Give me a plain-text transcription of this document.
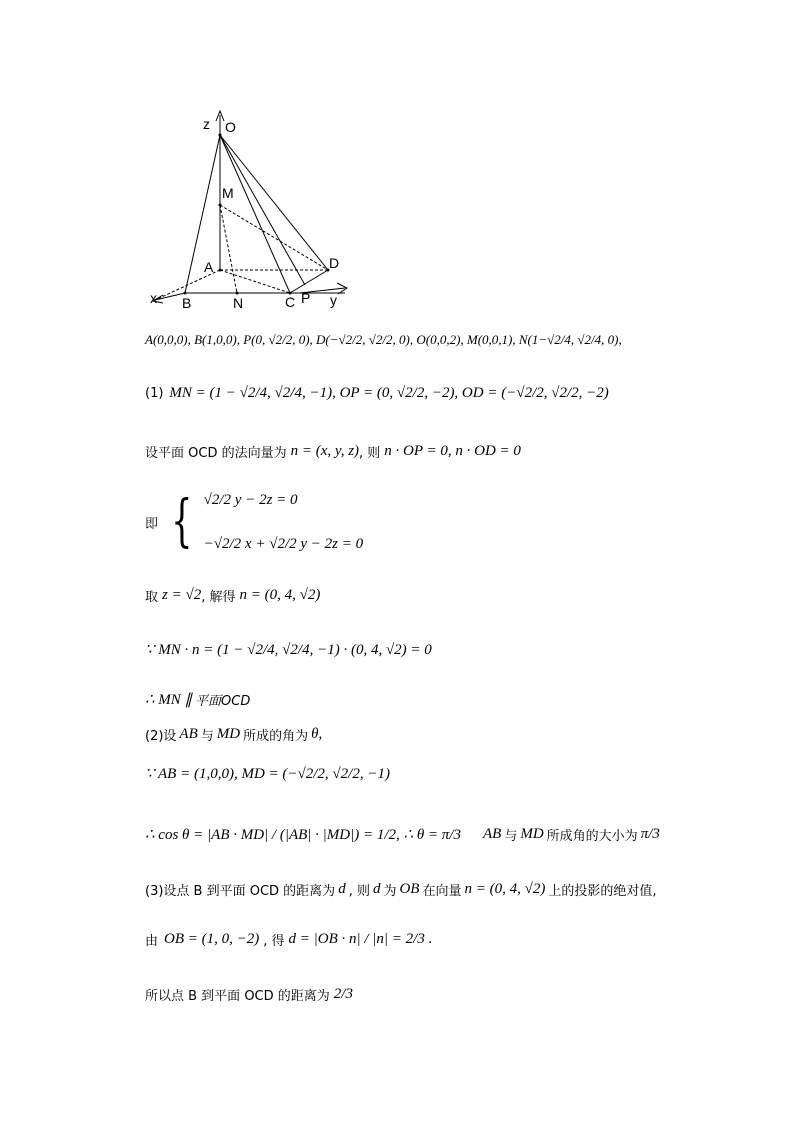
z O
M
A	D
x B	N	C P y
A(0,0,0), B(1,0,0), P(0, √2/2, 0), D(−√2/2, √2/2, 0), O(0,0,2), M(0,0,1), N(1−√2/4, √2/4, 0),
(1) MN = (1 − √2/4, √2/4, −1), OP = (0, √2/2, −2), OD = (−√2/2, √2/2, −2)
设平面 OCD 的法向量为 n = (x, y, z) , 则 n · OP = 0, n · OD = 0
即 { √2/2 y − 2z = 0
−√2/2 x + √2/2 y − 2z = 0
取 z = √2 , 解得 n = (0, 4, √2)
∵ MN · n = (1 − √2/4, √2/4, −1) · (0, 4, √2) = 0
∴ MN ∥ 平面OCD
(2)设 AB 与 MD 所成的角为 θ,
∵ AB = (1,0,0), MD = (−√2/2, √2/2, −1)
∴ cos θ = |AB · MD| / (|AB| · |MD|) = 1/2, ∴ θ = π/3 AB 与 MD 所成角的大小为 π/3
(3)设点 B 到平面 OCD 的距离为 d , 则 d 为 OB 在向量 n = (0, 4, √2) 上的投影的绝对值,
由 OB = (1, 0, −2) , 得 d = |OB · n| / |n| = 2/3 .
所以点 B 到平面 OCD 的距离为 2/3
